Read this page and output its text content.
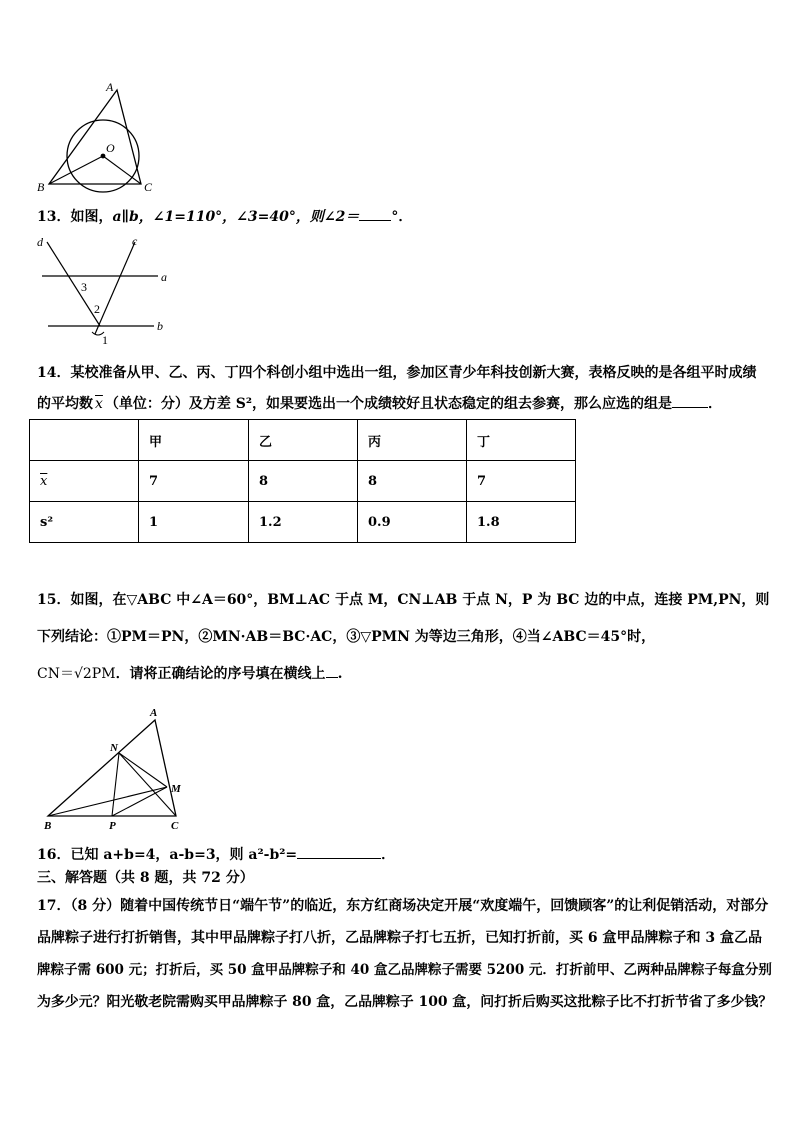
A
O
B	C
13．如图，a∥b，∠1=110°，∠3=40°，则∠2＝ °．
d	c
a
b
3
2
1
14．某校准备从甲、乙、丙、丁四个科创小组中选出一组，参加区青少年科技创新大赛，表格反映的是各组平时成绩
的平均数 $\overline{x}$ （单位：分）及方差 S²，如果要选出一个成绩较好且状态稳定的组去参赛，那么应选的组是	．
	甲	乙	丙	丁
$\overline{x}$	7	8	8	7
s²	1	1.2	0.9	1.8
15．如图，在▽ABC 中∠A＝60°，BM⊥AC 于点 M，CN⊥AB 于点 N，P 为 BC 边的中点，连接 PM,PN，则
下列结论：①PM＝PN，②MN·AB＝BC·AC，③▽PMN 为等边三角形，④当∠ABC＝45°时，
CN＝√2PM．请将正确结论的序号填在横线上 .
A
N
M
B	P	C
16．已知 a+b=4，a-b=3，则 a²-b²=	．
三、解答题（共 8 题，共 72 分）
17．（8 分）随着中国传统节日“端午节”的临近，东方红商场决定开展“欢度端午，回馈顾客”的让利促销活动，对部分
品牌粽子进行打折销售，其中甲品牌粽子打八折，乙品牌粽子打七五折，已知打折前，买 6 盒甲品牌粽子和 3 盒乙品
牌粽子需 600 元；打折后，买 50 盒甲品牌粽子和 40 盒乙品牌粽子需要 5200 元．打折前甲、乙两种品牌粽子每盒分别
为多少元？阳光敬老院需购买甲品牌粽子 80 盒，乙品牌粽子 100 盒，问打折后购买这批粽子比不打折节省了多少钱？
